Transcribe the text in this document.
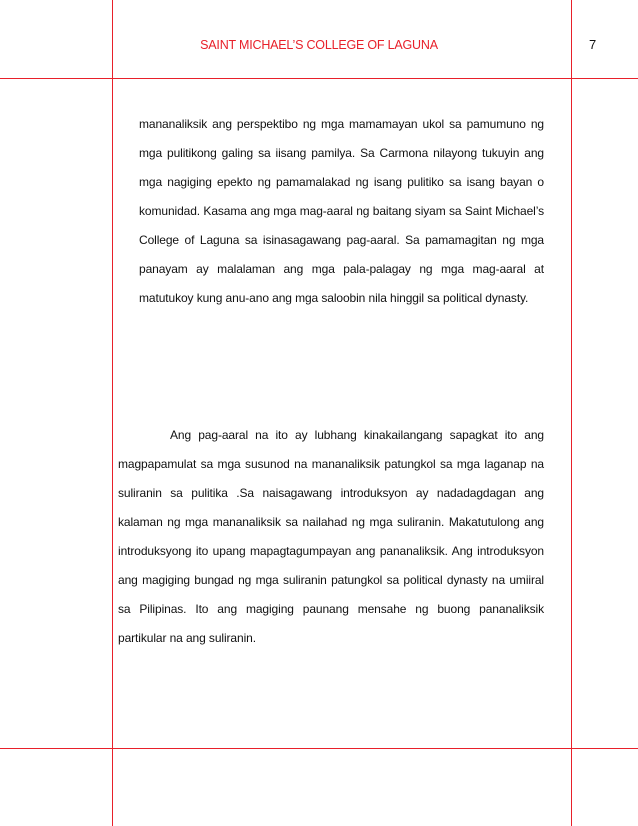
SAINT MICHAEL’S COLLEGE OF LAGUNA	7
mananaliksik ang perspektibo ng mga mamamayan ukol sa pamumuno ng mga pulitikong galing sa iisang pamilya. Sa Carmona nilayong tukuyin ang mga nagiging epekto ng pamamalakad ng isang pulitiko sa isang bayan o komunidad. Kasama ang mga mag-aaral ng baitang siyam sa Saint Michael’s College of Laguna sa isinasagawang pag-aaral. Sa pamamagitan ng mga panayam ay malalaman ang mga pala-palagay ng mga mag-aaral at matutukoy kung anu-ano ang mga saloobin nila hinggil sa political dynasty.
Ang pag-aaral na ito ay lubhang kinakailangang sapagkat ito ang magpapamulat sa mga susunod na mananaliksik patungkol sa mga laganap na suliranin sa pulitika .Sa naisagawang introduksyon ay nadadagdagan ang kalaman ng mga mananaliksik sa nailahad ng mga suliranin. Makatutulong ang introduksyong ito upang mapagtagumpayan ang pananaliksik. Ang introduksyon ang magiging bungad ng mga suliranin patungkol sa political dynasty na umiiral sa Pilipinas. Ito ang magiging paunang mensahe ng buong pananaliksik partikular na ang suliranin.
